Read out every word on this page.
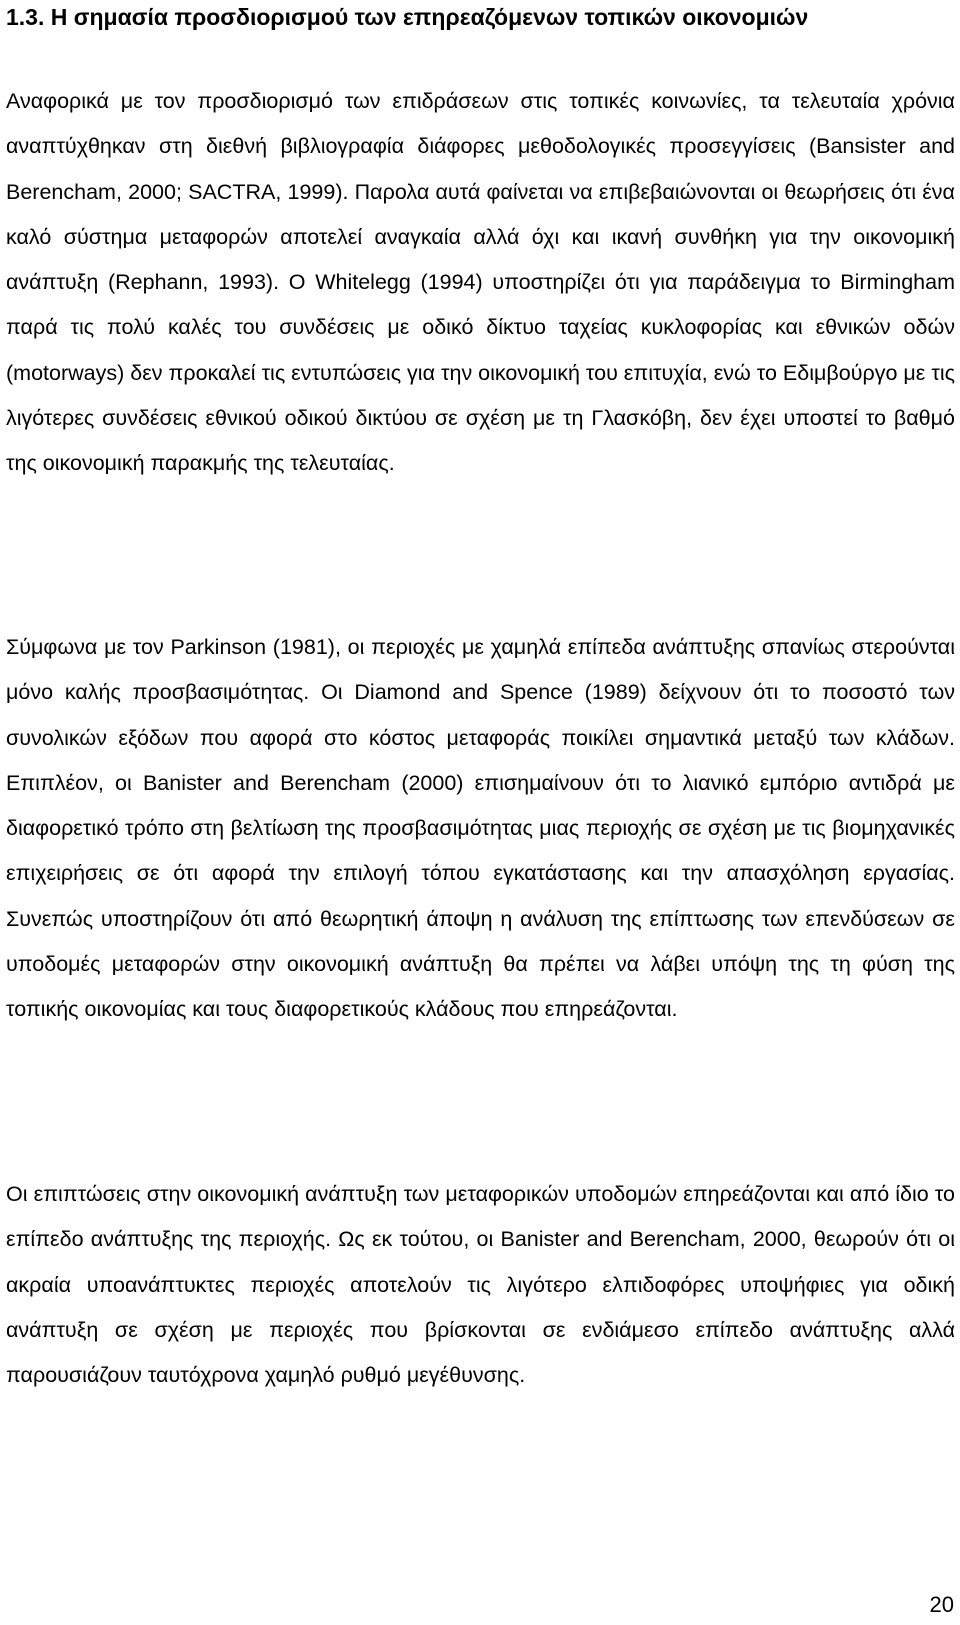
1.3. Η σημασία προσδιορισμού των επηρεαζόμενων τοπικών οικονομιών

Αναφορικά με τον προσδιορισμό των επιδράσεων στις τοπικές κοινωνίες, τα τελευταία χρόνια αναπτύχθηκαν στη διεθνή βιβλιογραφία διάφορες μεθοδολογικές προσεγγίσεις (Bansister and Berencham, 2000; SACTRA, 1999). Παρολα αυτά φαίνεται να επιβεβαιώνονται οι θεωρήσεις ότι ένα καλό σύστημα μεταφορών αποτελεί αναγκαία αλλά όχι και ικανή συνθήκη για την οικονομική ανάπτυξη (Rephann, 1993). Ο Whitelegg (1994) υποστηρίζει ότι για παράδειγμα το Birmingham παρά τις πολύ καλές του συνδέσεις με οδικό δίκτυο ταχείας κυκλοφορίας και εθνικών οδών (motorways) δεν προκαλεί τις εντυπώσεις για την οικονομική του επιτυχία, ενώ το Εδιμβούργο με τις λιγότερες συνδέσεις εθνικού οδικού δικτύου σε σχέση με τη Γλασκόβη, δεν έχει υποστεί το βαθμό της οικονομική παρακμής της τελευταίας.

Σύμφωνα με τον Parkinson (1981), οι περιοχές με χαμηλά επίπεδα ανάπτυξης σπανίως στερούνται μόνο καλής προσβασιμότητας. Οι Diamond and Spence (1989) δείχνουν ότι το ποσοστό των συνολικών εξόδων που αφορά στο κόστος μεταφοράς ποικίλει σημαντικά μεταξύ των κλάδων. Επιπλέον, οι Banister and Berencham (2000) επισημαίνουν ότι το λιανικό εμπόριο αντιδρά με διαφορετικό τρόπο στη βελτίωση της προσβασιμότητας μιας περιοχής σε σχέση με τις βιομηχανικές επιχειρήσεις σε ότι αφορά την επιλογή τόπου εγκατάστασης και την απασχόληση εργασίας. Συνεπώς υποστηρίζουν ότι από θεωρητική άποψη η ανάλυση της επίπτωσης των επενδύσεων σε υποδομές μεταφορών στην οικονομική ανάπτυξη θα πρέπει να λάβει υπόψη της τη φύση της τοπικής οικονομίας και τους διαφορετικούς κλάδους που επηρεάζονται.

Οι επιπτώσεις στην οικονομική ανάπτυξη των μεταφορικών υποδομών επηρεάζονται και από ίδιο το επίπεδο ανάπτυξης της περιοχής. Ως εκ τούτου, οι Banister and Berencham, 2000, θεωρούν ότι οι ακραία υποανάπτυκτες περιοχές αποτελούν τις λιγότερο ελπιδοφόρες υποψήφιες για οδική ανάπτυξη σε σχέση με περιοχές που βρίσκονται σε ενδιάμεσο επίπεδο ανάπτυξης αλλά παρουσιάζουν ταυτόχρονα χαμηλό ρυθμό μεγέθυνσης.

20
